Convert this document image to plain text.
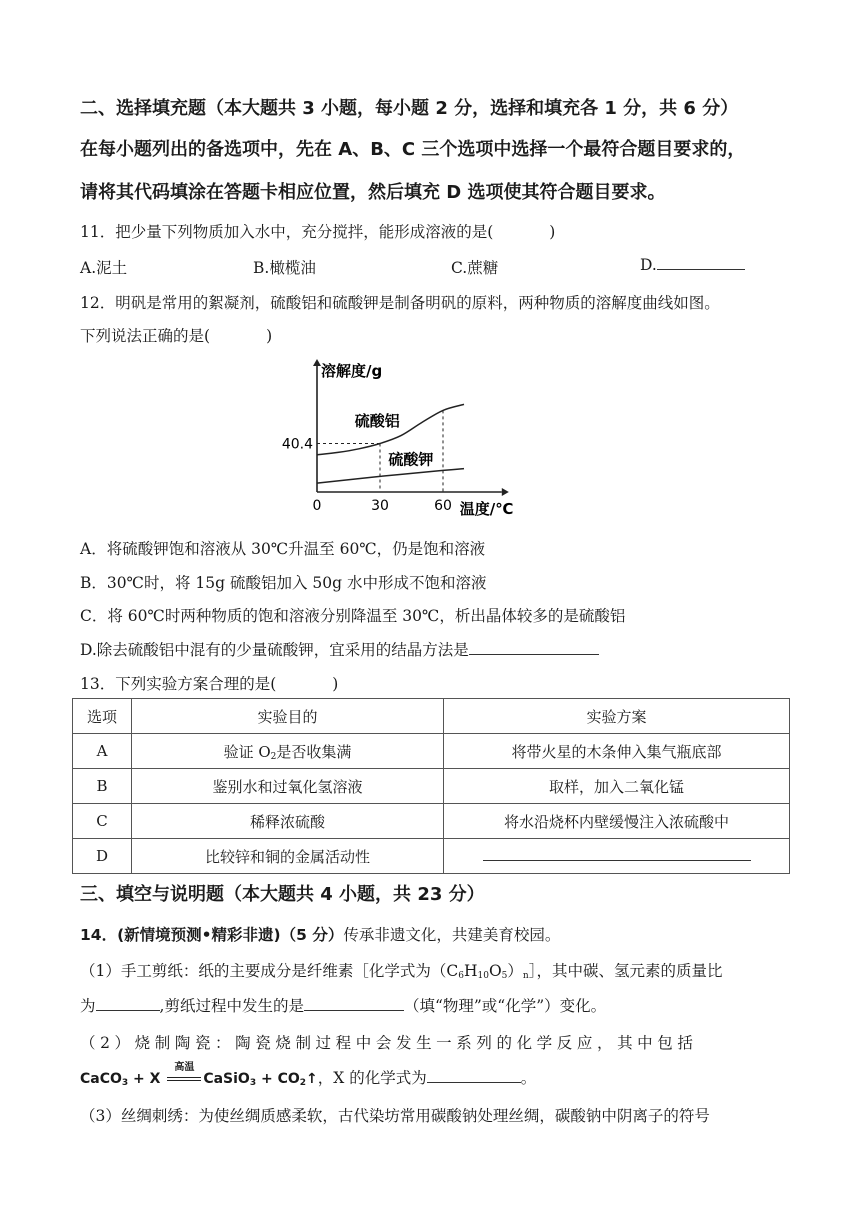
二、选择填充题（本大题共 3 小题，每小题 2 分，选择和填充各 1 分，共 6 分）
在每小题列出的备选项中，先在 A、B、C 三个选项中选择一个最符合题目要求的，
请将其代码填涂在答题卡相应位置，然后填充 D 选项使其符合题目要求。
11．把少量下列物质加入水中，充分搅拌，能形成溶液的是(	)
A.泥土	B.橄榄油	C.蔗糖	D.
12．明矾是常用的絮凝剂，硫酸铝和硫酸钾是制备明矾的原料，两种物质的溶解度曲线如图。
下列说法正确的是(	)
溶解度/g
温度/℃
0	30	60
40.4
硫酸铝
硫酸钾
A．将硫酸钾饱和溶液从 30℃升温至 60℃，仍是饱和溶液
B．30℃时，将 15g 硫酸铝加入 50g 水中形成不饱和溶液
C．将 60℃时两种物质的饱和溶液分别降温至 30℃，析出晶体较多的是硫酸铝
D.除去硫酸铝中混有的少量硫酸钾，宜采用的结晶方法是
13．下列实验方案合理的是(	)
选项	实验目的	实验方案
A	验证 $O_2$是否收集满	将带火星的木条伸入集气瓶底部
B	鉴别水和过氧化氢溶液	取样，加入二氧化锰
C	稀释浓硫酸	将水沿烧杯内壁缓慢注入浓硫酸中
D	比较锌和铜的金属活动性	
三、填空与说明题（本大题共 4 小题，共 23 分）
14．(新情境预测•精彩非遗)（5 分）传承非遗文化，共建美育校园。
（1）手工剪纸：纸的主要成分是纤维素［化学式为$(C_6H_{10}O_5)_n]$，其中碳、氢元素的质量比
为	,剪纸过程中发生的是	（填“物理”或“化学”）变化。
（2）烧制陶瓷：陶瓷烧制过程中会发生一系列的化学反应，其中包括
CaCO$_3$ + X
高温
CaSiO$_3$ + $CO_2↑$，X 的化学式为	。
（3）丝绸刺绣：为使丝绸质感柔软，古代染坊常用碳酸钠处理丝绸，碳酸钠中阴离子的符号
